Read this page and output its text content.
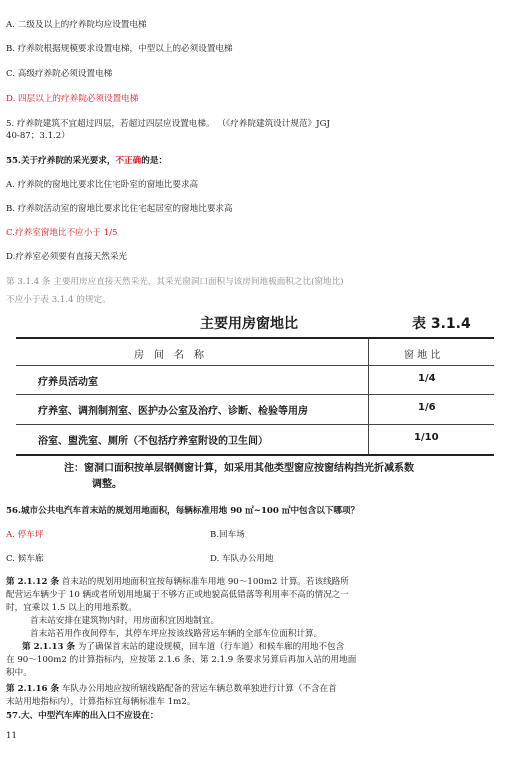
A. 二级及以上的疗养院均应设置电梯
B. 疗养院根据规模要求设置电梯，中型以上的必须设置电梯
C. 高级疗养院必须设置电梯
D. 四层以上的疗养院必须设置电梯
5. 疗养院建筑不宜超过四层，若超过四层应设置电梯。 （《疗养院建筑设计规范》JGJ
40-87；3.1.2）
55.关于疗养院的采光要求，不正确的是：
A. 疗养院的窗地比要求比住宅卧室的窗地比要求高
B. 疗养院活动室的窗地比要求比住宅起居室的窗地比要求高
C.疗养室窗地比不应小于 1/5
D.疗养室必须要有直接天然采光
第 3.1.4 条 主要用房应直接天然采光，其采光窗洞口面积与该房间地板面积之比(窗地比)
不应小于表 3.1.4 的规定。
主要用房窗地比	表 3.1.4
房　间　名　称	窗 地 比
疗养员活动室	1/4
疗养室、调剂制剂室、医护办公室及治疗、诊断、检验等用房	1/6
浴室、盥洗室、厕所（不包括疗养室附设的卫生间）	1/10
注：窗洞口面积按单层钢侧窗计算，如采用其他类型窗应按窗结构挡光折减系数
调整。
56.城市公共电汽车首末站的规划用地面积，每辆标准用地 90 ㎡~100 ㎡中包含以下哪项？
A. 停车坪	B.回车场
C. 候车廊	D. 车队办公用地
第 2.1.12 条 首末站的规划用地面积宜按每辆标准车用地 90～100m2 计算。若该线路所
配营运车辆少于 10 辆或者所划用地属于不够方正或地貌高低错落等利用率不高的情况之一
时，宜乘以 1.5 以上的用地系数。
首末站安排在建筑物内时，用房面积宜因地制宜。
首末站若用作夜间停车，其停车坪应按该线路营运车辆的全部车位面积计算。
第 2.1.13 条 为了确保首末站的建设规模，回车道（行车道）和候车廊的用地不包含
在 90～100m2 的计算指标内，应按第 2.1.6 条、第 2.1.9 条要求另算后再加入站的用地面
积中。
第 2.1.16 条 车队办公用地应按所辖线路配备的营运车辆总数单独进行计算（不含在首
末站用地指标内），计算指标宜每辆标准车 1m2。
57.大、中型汽车库的出入口不应设在：
11
